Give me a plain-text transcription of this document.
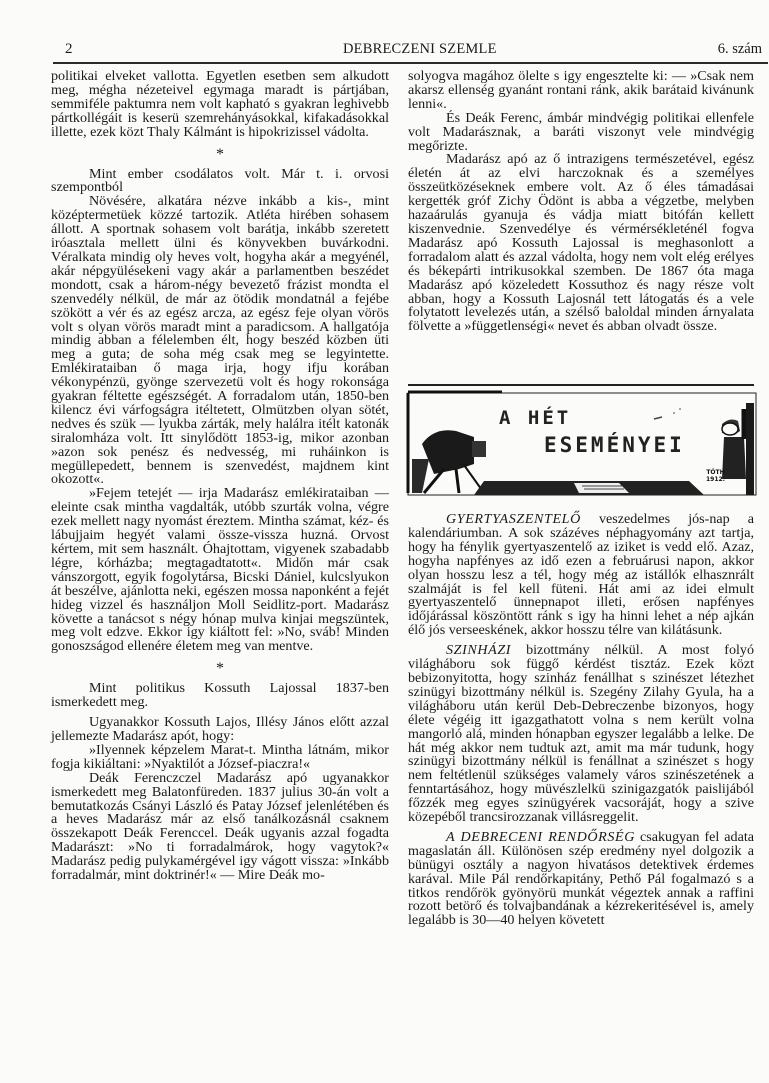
2	DEBRECZENI SZEMLE	6. szám

politikai elveket vallotta. Egyetlen esetben sem alkudott meg, mégha nézeteivel egymaga maradt is pártjában, semmiféle paktumra nem volt kapható s gyakran leghivebb pártkollégáit is keserü szemrehányásokkal, kifakadásokkal illette, ezek közt Thaly Kálmánt is hipokrizissel vádolta.

*

Mint ember csodálatos volt. Már t. i. orvosi szempontból

Növésére, alkatára nézve inkább a kis-, mint középtermetüek közzé tartozik. Atléta hirében sohasem állott. A sportnak sohasem volt barátja, inkább szeretett iróasztala mellett ülni és könyvekben buvárkodni. Véralkata mindig oly heves volt, hogyha akár a megyénél, akár népgyülésekeni vagy akár a parlamentben beszédet mondott, csak a három-négy bevezető frázist mondta el szenvedély nélkül, de már az ötödik mondatnál a fejébe szökött a vér és az egész arcza, az egész feje olyan vörös volt s olyan vörös maradt mint a paradicsom. A hallgatója mindig abban a félelemben élt, hogy beszéd közben üti meg a guta; de soha még csak meg se legyintette. Emlékirataiban ő maga irja, hogy ifju korában vékonypénzü, gyönge szervezetü volt és hogy rokonsága gyakran féltette egészségét. A forradalom után, 1850-ben kilencz évi várfogságra itéltetett, Olmützben olyan sötét, nedves és szük — lyukba zárták, mely halálra itélt katonák siralomháza volt. Itt sinylődött 1853-ig, mikor azonban »azon sok penész és nedvesség, mi ruháinkon is megüllepedett, bennem is szenvedést, majdnem kint okozott«.

»Fejem tetejét — irja Madarász emlékirataiban — eleinte csak mintha vagdalták, utóbb szurták volna, végre ezek mellett nagy nyomást éreztem. Mintha számat, kéz- és lábujjaim hegyét valami össze-vissza huzná. Orvost kértem, mit sem használt. Óhajtottam, vigyenek szabadabb légre, kórházba; megtagadtatott«. Midőn már csak vánszorgott, egyik fogolytársa, Bicski Dániel, kulcslyukon át beszélve, ajánlotta neki, egészen mossa naponként a fejét hideg vizzel és használjon Moll Seidlitz-port. Madarász követte a tanácsot s négy hónap mulva kinjai megszüntek, meg volt edzve. Ekkor igy kiáltott fel: »No, sváb! Minden gonoszságod ellenére életem meg van mentve.

*

Mint politikus Kossuth Lajossal 1837-ben ismerkedett meg.

Ugyanakkor Kossuth Lajos, Illésy János előtt azzal jellemezte Madarász apót, hogy:

»Ilyennek képzelem Marat-t. Mintha látnám, mikor fogja kikiáltani: »Nyaktilót a József-piaczra!«

Deák Ferenczczel Madarász apó ugyanakkor ismerkedett meg Balatonfüreden. 1837 julius 30-án volt a bemutatkozás Csányi László és Patay József jelenlétében és a heves Madarász már az első tanálkozásnál csaknem összekapott Deák Ferenccel. Deák ugyanis azzal fogadta Madarászt: »No ti forradalmárok, hogy vagytok?« Madarász pedig pulykamérgével igy vágott vissza: »Inkább forradalmár, mint doktrinér!« — Mire Deák mo-

solyogva magához ölelte s igy engesztelte ki: — »Csak nem akarsz ellenség gyanánt rontani ránk, akik barátaid kivánunk lenni«.

És Deák Ferenc, ámbár mindvégig politikai ellenfele volt Madarásznak, a baráti viszonyt vele mindvégig megőrizte.

Madarász apó az ő intrazigens természetével, egész életén át az elvi harczoknak és a személyes összeütközéseknek embere volt. Az ő éles támadásai kergették gróf Zichy Ödönt is abba a végzetbe, melyben hazaárulás gyanuja és vádja miatt bitófán kellett kiszenvednie. Szenvedélye és vérmérsékleténél fogva Madarász apó Kossuth Lajossal is meghasonlott a forradalom alatt és azzal vádolta, hogy nem volt elég erélyes és békepárti intrikusokkal szemben. De 1867 óta maga Madarász apó közeledett Kossuthoz és nagy része volt abban, hogy a Kossuth Lajosnál tett látogatás és a vele folytatott levelezés után, a szélső baloldal minden árnyalata fölvette a »függetlenségi« nevet és abban olvadt össze.

A HÉT
ESEMÉNYEI
TÓTH
1912.

GYERTYASZENTELŐ veszedelmes jós-nap a kalendáriumban. A sok százéves néphagyomány azt tartja, hogy ha fénylik gyertyaszentelő az iziket is vedd elő. Azaz, hogyha napfényes az idő ezen a februárusi napon, akkor olyan hosszu lesz a tél, hogy még az istállók elhasznrált szalmáját is fel kell füteni. Hát ami az idei elmult gyertyaszentelő ünnepnapot illeti, erősen napfényes időjárással köszöntött ránk s igy ha hinni lehet a nép ajkán élő jós verseeskének, akkor hosszu télre van kilátásunk.

SZINHÁZI bizottmány nélkül. A most folyó világháboru sok függő kérdést tisztáz. Ezek közt bebizonyitotta, hogy szinház fenállhat s szinészet létezhet szinügyi bizottmány nélkül is. Szegény Zilahy Gyula, ha a világháboru után kerül Deb-Debreczenbe bizonyos, hogy élete végéig itt igazgathatott volna s nem került volna mangorló alá, minden hónapban egyszer legalább a lelke. De hát még akkor nem tudtuk azt, amit ma már tudunk, hogy szinügyi bizottmány nélkül is fenállnat a szinészet s hogy nem feltétlenül szükséges valamely város szinészetének a fenntartásához, hogy müvészlelkü szinigazgatók paislijából főzzék meg egyes szinügyérek vacsoráját, hogy a szive közepéből trancsirozzanak villásreggelit.

A DEBRECENI RENDŐRSÉG csakugyan fel adata magaslatán áll. Különösen szép eredmény nyel dolgozik a bünügyi osztály a nagyon hivatásos detektivek érdemes karával. Mile Pál rendőrkapitány, Pethő Pál fogalmazó s a titkos rendőrök gyönyörü munkát végeztek annak a raffini rozott betörő és tolvajbandának a kézrekeritésével is, amely legalább is 30—40 helyen követett
